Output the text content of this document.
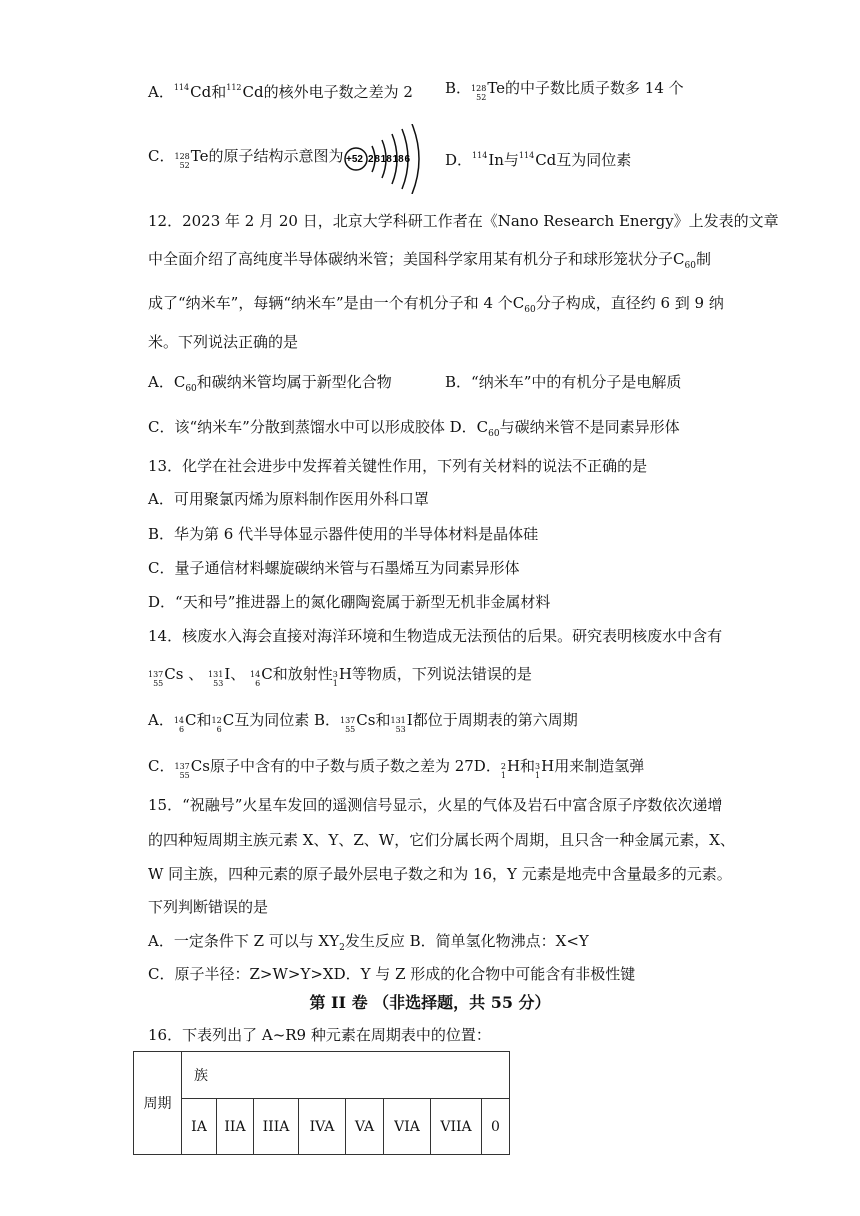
A．$^{114}$Cd和$^{112}$Cd的核外电子数之差为 2 B． 128
52
Te的中子数比质子数多 14 个
C． 128
52
Te的原子结构示意图为 +52 2 8 18 18 6 D．$^{114}$In与$^{114}$Cd互为同位素
12．2023 年 2 月 20 日，北京大学科研工作者在《Nano Research Energy》上发表的文章
中全面介绍了高纯度半导体碳纳米管；美国科学家用某有机分子和球形笼状分子$C_{60}$制
成了“纳米车”，每辆“纳米车”是由一个有机分子和 4 个$C_{60}$分子构成，直径约 6 到 9 纳
米。下列说法正确的是
A．$C_{60}$和碳纳米管均属于新型化合物	B．“纳米车”中的有机分子是电解质
C．该“纳米车”分散到蒸馏水中可以形成胶体 D．$C_{60}$与碳纳米管不是同素异形体
13．化学在社会进步中发挥着关键性作用，下列有关材料的说法不正确的是
A．可用聚氯丙烯为原料制作医用外科口罩
B．华为第 6 代半导体显示器件使用的半导体材料是晶体硅
C．量子通信材料螺旋碳纳米管与石墨烯互为同素异形体
D．“天和号”推进器上的氮化硼陶瓷属于新型无机非金属材料
14．核废水入海会直接对海洋环境和生物造成无法预估的后果。研究表明核废水中含有
137
55
Cs 、 131
53
I、 14
6
C和放射性 3
1
H等物质，下列说法错误的是
A． 14
6
C和 12
6
C互为同位素 B． 137
55
Cs和 131
53
I都位于周期表的第六周期
C． 137
55
Cs原子中含有的中子数与质子数之差为 27D． 2
1
H和 3
1
H用来制造氢弹
15．“祝融号”火星车发回的遥测信号显示，火星的气体及岩石中富含原子序数依次递增
的四种短周期主族元素 X、Y、Z、W，它们分属长两个周期，且只含一种金属元素，X、
W 同主族，四种元素的原子最外层电子数之和为 16，Y 元素是地壳中含量最多的元素。
下列判断错误的是
A．一定条件下 Z 可以与 $XY_2$发生反应 B．简单氢化物沸点：X<Y
C．原子半径：Z>W>Y>XD．Y 与 Z 形成的化合物中可能含有非极性键
第 II 卷 （非选择题，共 55 分）
16．下表列出了 A~R9 种元素在周期表中的位置：
周期	族							
	IA	IIA	IIIA	IVA	VA	VIA	VIIA	0
